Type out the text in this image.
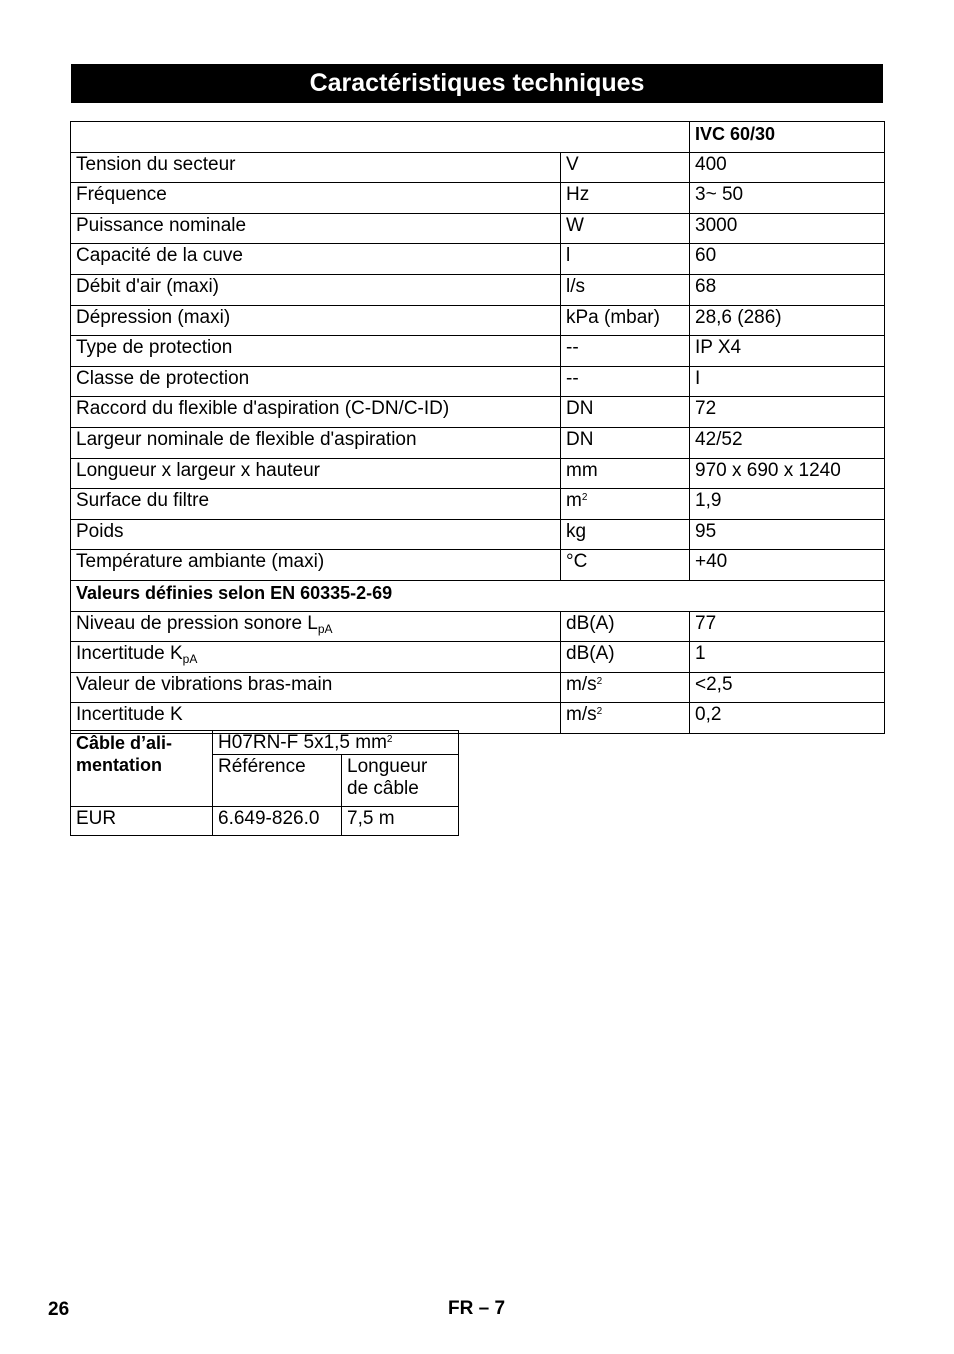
Caractéristiques techniques
		IVC 60/30
Tension du secteur	V	400
Fréquence	Hz	3~ 50
Puissance nominale	W	3000
Capacité de la cuve	l	60
Débit d'air (maxi)	l/s	68
Dépression (maxi)	kPa (mbar)	28,6 (286)
Type de protection	--	IP X4
Classe de protection	--	I
Raccord du flexible d'aspiration (C-DN/C-ID)	DN	72
Largeur nominale de flexible d'aspiration	DN	42/52
Longueur x largeur x hauteur	mm	970 x 690 x 1240
Surface du filtre	$m^2$	1,9
Poids	kg	95
Température ambiante (maxi)	°C	+40
Valeurs définies selon EN 60335-2-69		
Niveau de pression sonore $L_{pA}$	dB(A)	77
Incertitude $K_{pA}$	dB(A)	1
Valeur de vibrations bras-main	$m/s^2$	<2,5
Incertitude K	$m/s^2$	0,2
Câble d’ali-mentation	H07RN-F 5x1,5 $mm^2$
	Référence	Longueur de câble
EUR	6.649-826.0	7,5 m
26	FR – 7
